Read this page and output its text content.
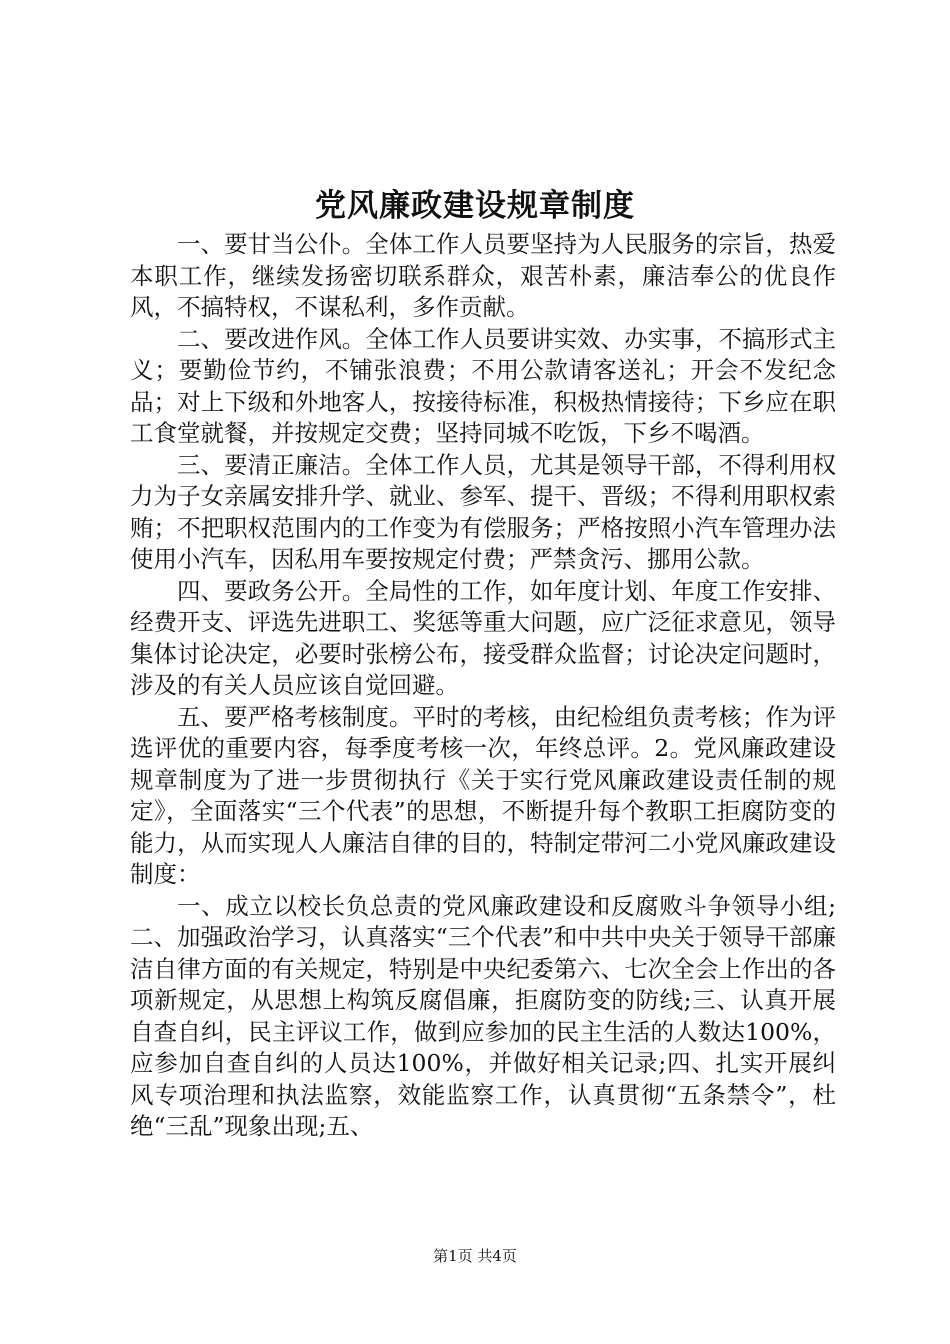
党风廉政建设规章制度

一、要甘当公仆。全体工作人员要坚持为人民服务的宗旨，热爱本职工作，继续发扬密切联系群众，艰苦朴素，廉洁奉公的优良作风，不搞特权，不谋私利，多作贡献。

二、要改进作风。全体工作人员要讲实效、办实事，不搞形式主义；要勤俭节约，不铺张浪费；不用公款请客送礼；开会不发纪念品；对上下级和外地客人，按接待标准，积极热情接待；下乡应在职工食堂就餐，并按规定交费；坚持同城不吃饭，下乡不喝酒。

三、要清正廉洁。全体工作人员，尤其是领导干部，不得利用权力为子女亲属安排升学、就业、参军、提干、晋级；不得利用职权索贿；不把职权范围内的工作变为有偿服务；严格按照小汽车管理办法使用小汽车，因私用车要按规定付费；严禁贪污、挪用公款。

四、要政务公开。全局性的工作，如年度计划、年度工作安排、经费开支、评选先进职工、奖惩等重大问题，应广泛征求意见，领导集体讨论决定，必要时张榜公布，接受群众监督；讨论决定问题时，涉及的有关人员应该自觉回避。

五、要严格考核制度。平时的考核，由纪检组负责考核；作为评选评优的重要内容，每季度考核一次，年终总评。2。党风廉政建设规章制度为了进一步贯彻执行《关于实行党风廉政建设责任制的规定》，全面落实“三个代表”的思想，不断提升每个教职工拒腐防变的能力，从而实现人人廉洁自律的目的，特制定带河二小党风廉政建设制度：

一、成立以校长负总责的党风廉政建设和反腐败斗争领导小组;二、加强政治学习，认真落实“三个代表”和中共中央关于领导干部廉洁自律方面的有关规定，特别是中央纪委第六、七次全会上作出的各项新规定，从思想上构筑反腐倡廉，拒腐防变的防线;三、认真开展自查自纠，民主评议工作，做到应参加的民主生活的人数达100%，应参加自查自纠的人员达100%，并做好相关记录;四、扎实开展纠风专项治理和执法监察，效能监察工作，认真贯彻“五条禁令”，杜绝“三乱”现象出现;五、

第1页 共4页
